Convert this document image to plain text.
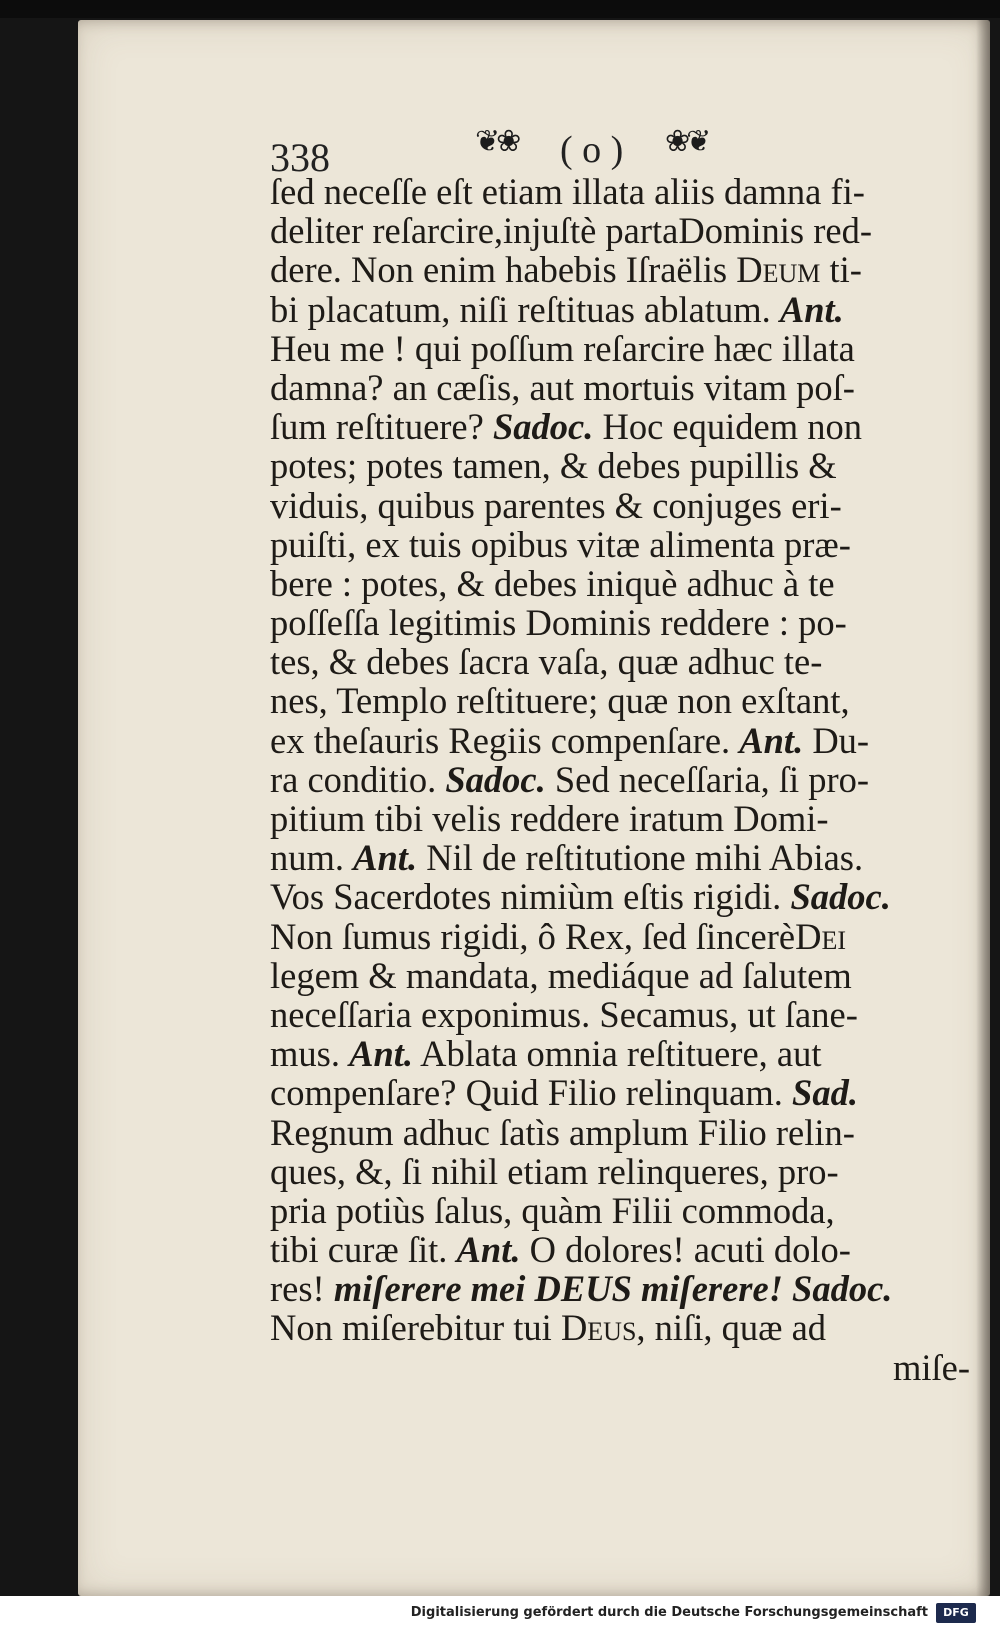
338	❦❀ ( o ) ❀❦
ſed neceſſe eſt etiam illata aliis damna fi-
deliter reſarcire,injuſtè partaDominis red-
dere. Non enim habebis Iſraëlis Deum ti-
bi placatum, niſi reſtituas ablatum. Ant.
Heu me ! qui poſſum reſarcire hæc illata
damna? an cæſis, aut mortuis vitam poſ-
ſum reſtituere? Sadoc. Hoc equidem non
potes; potes tamen, & debes pupillis &
viduis, quibus parentes & conjuges eri-
puiſti, ex tuis opibus vitæ alimenta præ-
bere : potes, & debes iniquè adhuc à te
poſſeſſa legitimis Dominis reddere : po-
tes, & debes ſacra vaſa, quæ adhuc te-
nes, Templo reſtituere; quæ non exſtant,
ex theſauris Regiis compenſare. Ant. Du-
ra conditio. Sadoc. Sed neceſſaria, ſi pro-
pitium tibi velis reddere iratum Domi-
num. Ant. Nil de reſtitutione mihi Abias.
Vos Sacerdotes nimiùm eſtis rigidi. Sadoc.
Non ſumus rigidi, ô Rex, ſed ſincerèDei
legem & mandata, mediáque ad ſalutem
neceſſaria exponimus. Secamus, ut ſane-
mus. Ant. Ablata omnia reſtituere, aut
compenſare? Quid Filio relinquam. Sad.
Regnum adhuc ſatìs amplum Filio relin-
ques, &, ſi nihil etiam relinqueres, pro-
pria potiùs ſalus, quàm Filii commoda,
tibi curæ ſit. Ant. O dolores! acuti dolo-
res! miſerere mei DEUS miſerere! Sadoc.
Non miſerebitur tui Deus, niſi, quæ ad
miſe-
Digitalisierung gefördert durch die Deutsche Forschungsgemeinschaft	DFG
